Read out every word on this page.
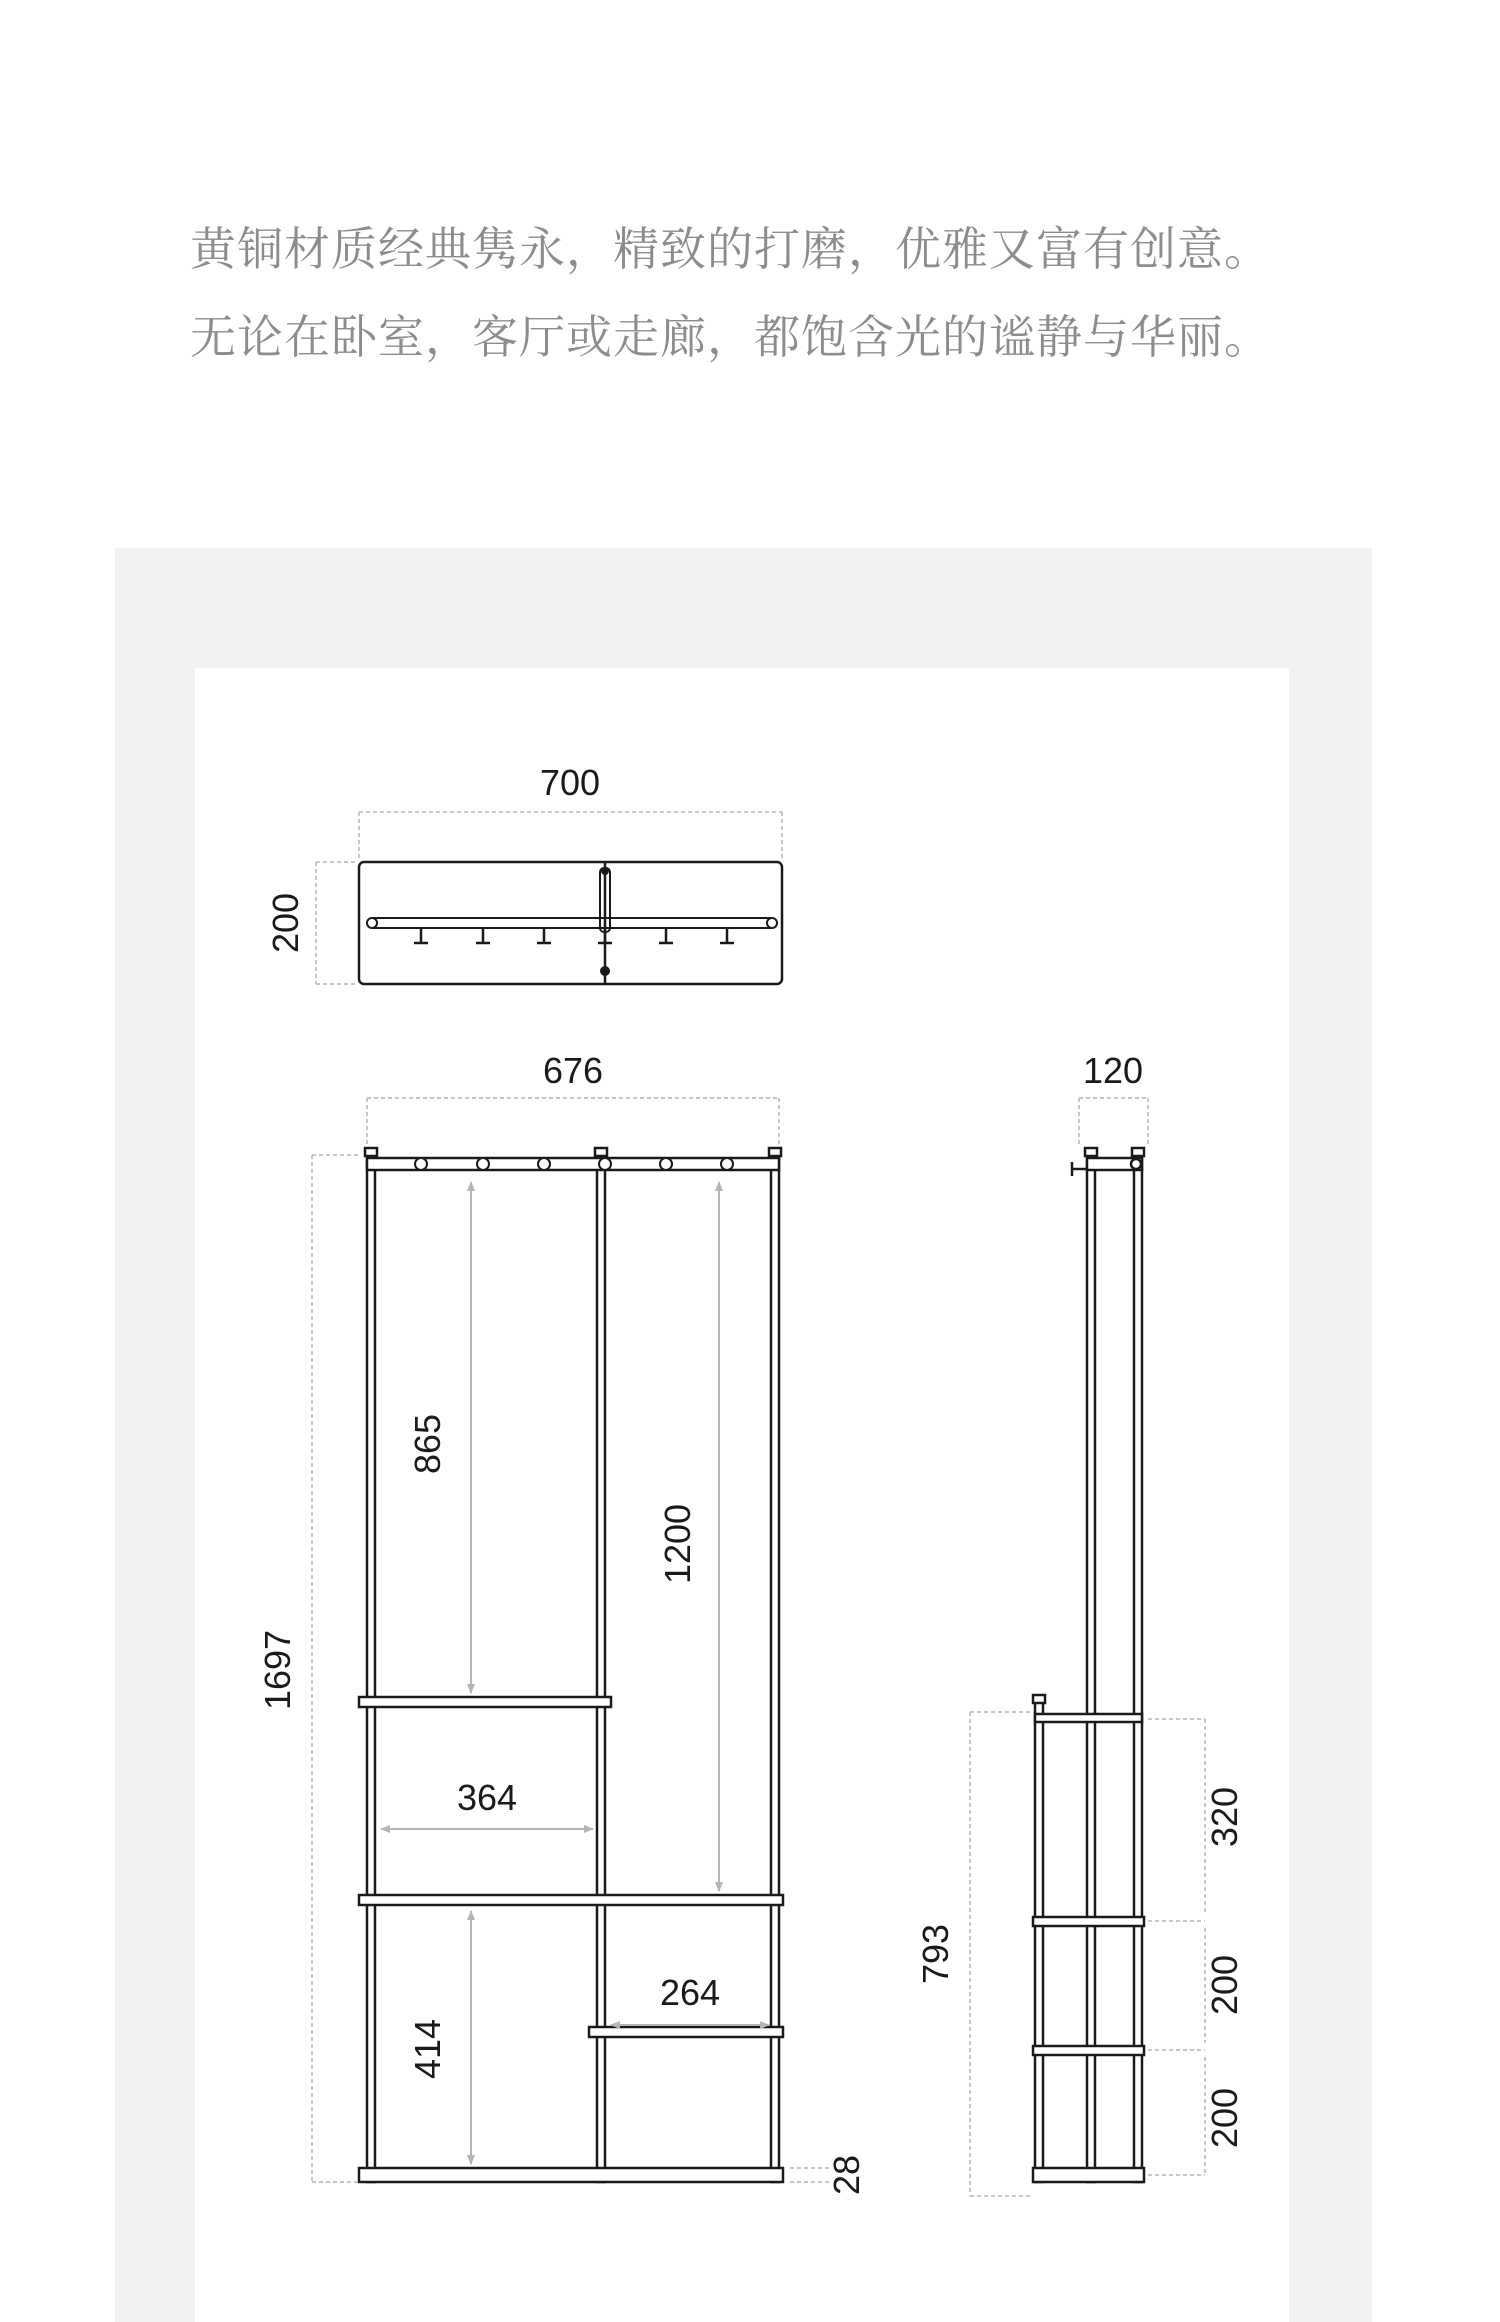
黄铜材质经典隽永，精致的打磨，优雅又富有创意。

无论在卧室，客厅或走廊，都饱含光的谧静与华丽。

700
200
676
1697
865
1200
364
414
264
28
120
793
320
200
200
